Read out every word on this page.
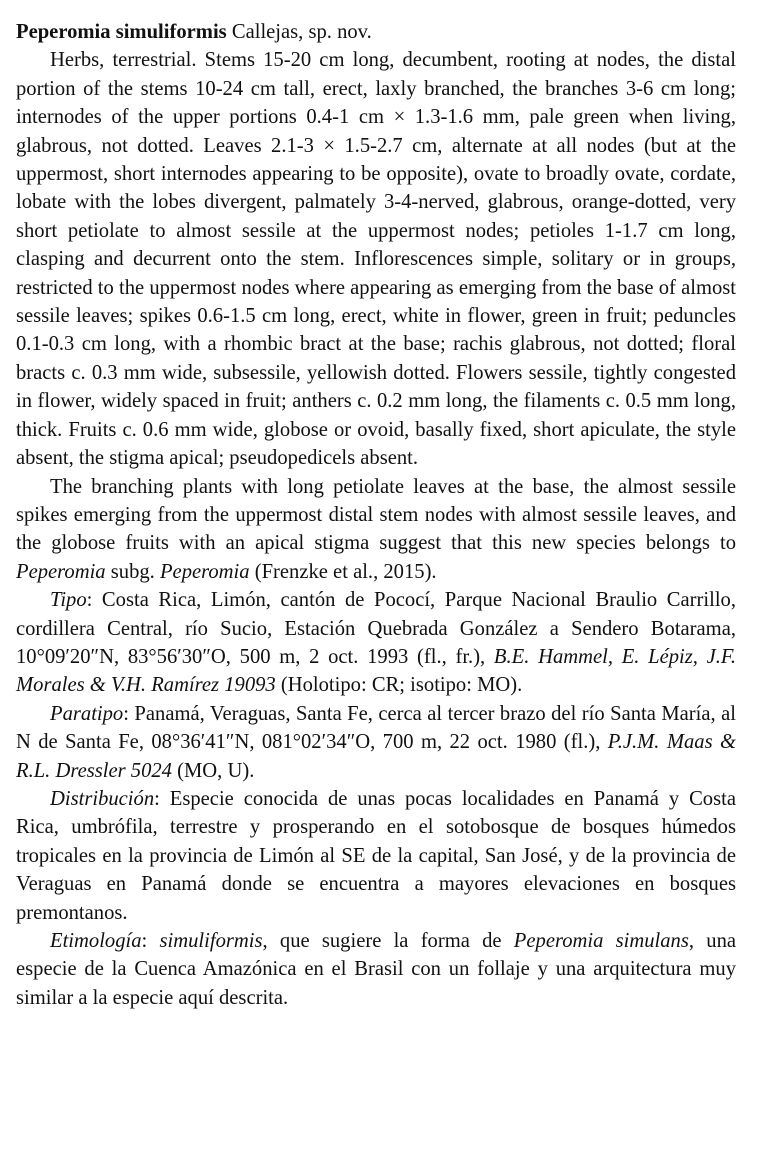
Peperomia simuliformis Callejas, sp. nov.

Herbs, terrestrial. Stems 15-20 cm long, decumbent, rooting at nodes, the distal portion of the stems 10-24 cm tall, erect, laxly branched, the branches 3-6 cm long; internodes of the upper portions 0.4-1 cm × 1.3-1.6 mm, pale green when living, glabrous, not dotted. Leaves 2.1-3 × 1.5-2.7 cm, alternate at all nodes (but at the uppermost, short internodes appearing to be opposite), ovate to broadly ovate, cordate, lobate with the lobes divergent, palmately 3-4-nerved, glabrous, orange-dotted, very short petiolate to almost sessile at the uppermost nodes; petioles 1-1.7 cm long, clasping and decurrent onto the stem. Inflorescences simple, solitary or in groups, restricted to the uppermost nodes where appearing as emerging from the base of almost sessile leaves; spikes 0.6-1.5 cm long, erect, white in flower, green in fruit; peduncles 0.1-0.3 cm long, with a rhombic bract at the base; rachis glabrous, not dotted; floral bracts c. 0.3 mm wide, subsessile, yellowish dotted. Flowers sessile, tightly congested in flower, widely spaced in fruit; anthers c. 0.2 mm long, the filaments c. 0.5 mm long, thick. Fruits c. 0.6 mm wide, globose or ovoid, basally fixed, short apiculate, the style absent, the stigma apical; pseudopedicels absent.

The branching plants with long petiolate leaves at the base, the almost sessile spikes emerging from the uppermost distal stem nodes with almost sessile leaves, and the globose fruits with an apical stigma suggest that this new species belongs to Peperomia subg. Peperomia (Frenzke et al., 2015).

Tipo: Costa Rica, Limón, cantón de Pococí, Parque Nacional Braulio Carrillo, cordillera Central, río Sucio, Estación Quebrada González a Sendero Botarama, 10°09′20″N, 83°56′30″O, 500 m, 2 oct. 1993 (fl., fr.), B.E. Hammel, E. Lépiz, J.F. Morales & V.H. Ramírez 19093 (Holotipo: CR; isotipo: MO).

Paratipo: Panamá, Veraguas, Santa Fe, cerca al tercer brazo del río Santa María, al N de Santa Fe, 08°36′41″N, 081°02′34″O, 700 m, 22 oct. 1980 (fl.), P.J.M. Maas & R.L. Dressler 5024 (MO, U).

Distribución: Especie conocida de unas pocas localidades en Panamá y Costa Rica, umbrófila, terrestre y prosperando en el sotobosque de bosques húmedos tropicales en la provincia de Limón al SE de la capital, San José, y de la provincia de Veraguas en Panamá donde se encuentra a mayores elevaciones en bosques premontanos.

Etimología: simuliformis, que sugiere la forma de Peperomia simulans, una especie de la Cuenca Amazónica en el Brasil con un follaje y una arquitectura muy similar a la especie aquí descrita.
